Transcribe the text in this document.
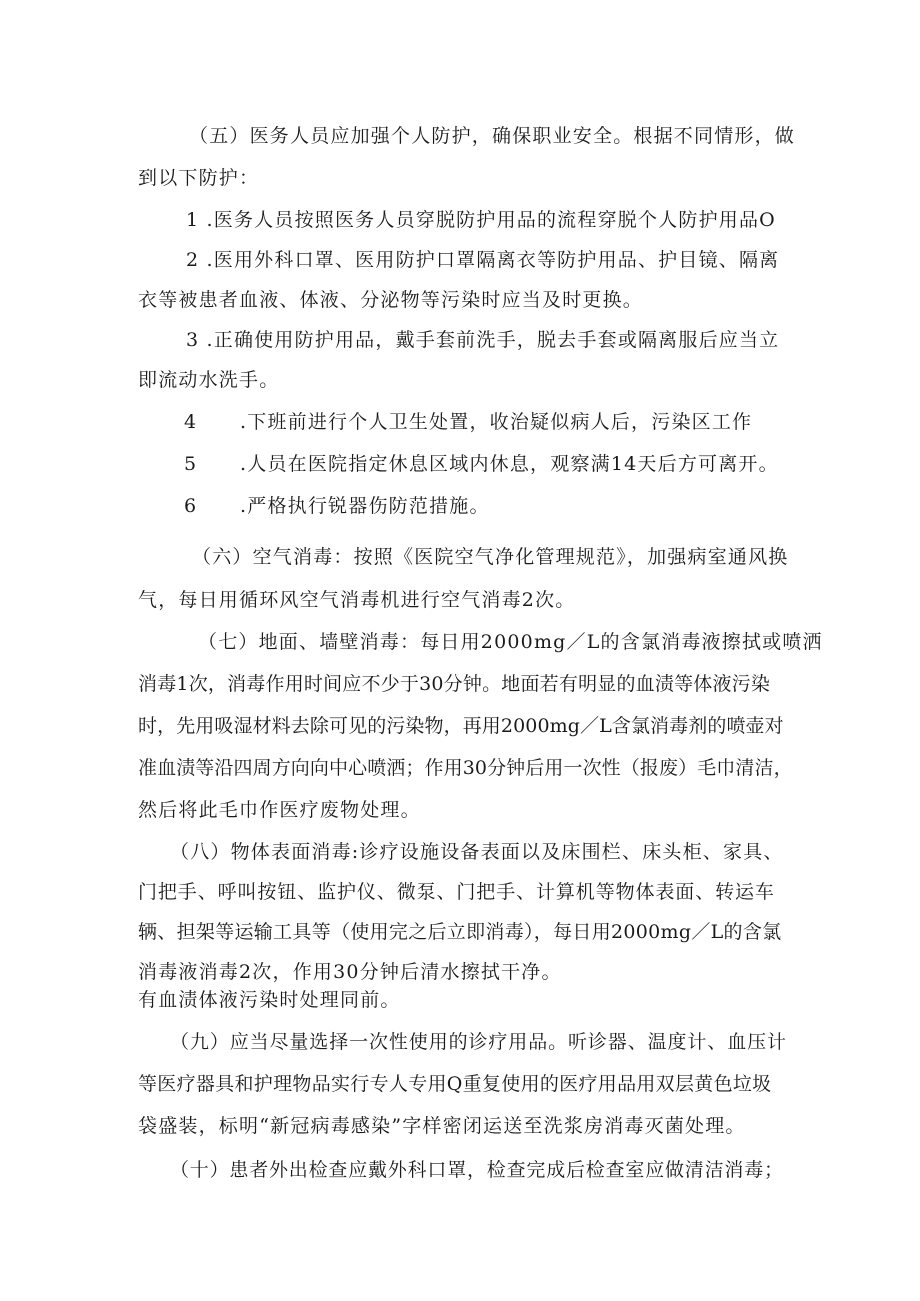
（五）医务人员应加强个人防护，确保职业安全。根据不同情形，做
到以下防护：
1 .医务人员按照医务人员穿脱防护用品的流程穿脱个人防护用品O
2 .医用外科口罩、医用防护口罩隔离衣等防护用品、护目镜、隔离
衣等被患者血液、体液、分泌物等污染时应当及时更换。
3 .正确使用防护用品，戴手套前洗手，脱去手套或隔离服后应当立
即流动水洗手。
4 .下班前进行个人卫生处置，收治疑似病人后，污染区工作
5 .人员在医院指定休息区域内休息，观察满14天后方可离开。
6 .严格执行锐器伤防范措施。
（六）空气消毒：按照《医院空气净化管理规范》，加强病室通风换
气，每日用循环风空气消毒机进行空气消毒2次。
（七）地面、墙壁消毒：每日用2000mg／L的含氯消毒液擦拭或喷洒
消毒1次，消毒作用时间应不少于30分钟。地面若有明显的血渍等体液污染
时，先用吸湿材料去除可见的污染物，再用2000mg／L含氯消毒剂的喷壶对
准血渍等沿四周方向向中心喷洒；作用30分钟后用一次性（报废）毛巾清洁，
然后将此毛巾作医疗废物处理。
（八）物体表面消毒:诊疗设施设备表面以及床围栏、床头柜、家具、
门把手、呼叫按钮、监护仪、微泵、门把手、计算机等物体表面、转运车
辆、担架等运输工具等（使用完之后立即消毒），每日用2000mg／L的含氯
消毒液消毒2次，作用30分钟后清水擦拭干净。
有血渍体液污染时处理同前。
（九）应当尽量选择一次性使用的诊疗用品。听诊器、温度计、血压计
等医疗器具和护理物品实行专人专用Q重复使用的医疗用品用双层黄色垃圾
袋盛装，标明“新冠病毒感染”字样密闭运送至洗浆房消毒灭菌处理。
（十）患者外出检查应戴外科口罩，检查完成后检查室应做清洁消毒；
